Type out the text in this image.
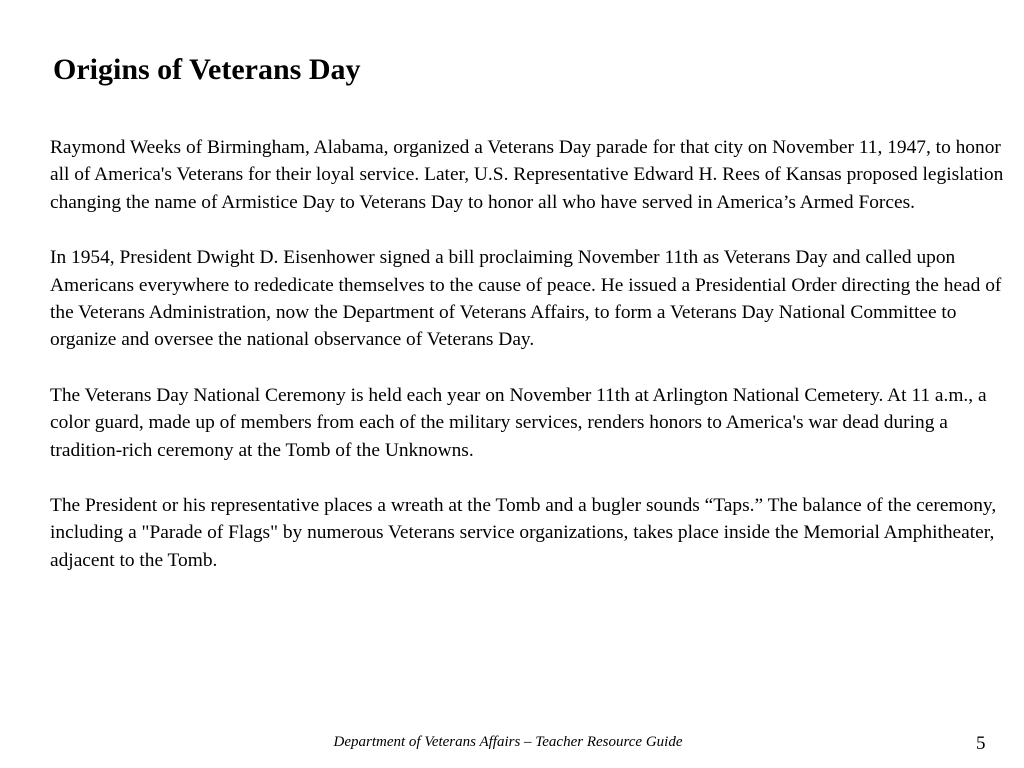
Origins of Veterans Day

Raymond Weeks of Birmingham, Alabama, organized a Veterans Day parade for that city on November 11, 1947, to honor all of America's Veterans for their loyal service. Later, U.S. Representative Edward H. Rees of Kansas proposed legislation changing the name of Armistice Day to Veterans Day to honor all who have served in America’s Armed Forces.

In 1954, President Dwight D. Eisenhower signed a bill proclaiming November 11th as Veterans Day and called upon Americans everywhere to rededicate themselves to the cause of peace. He issued a Presidential Order directing the head of the Veterans Administration, now the Department of Veterans Affairs, to form a Veterans Day National Committee to organize and oversee the national observance of Veterans Day.

The Veterans Day National Ceremony is held each year on November 11th at Arlington National Cemetery. At 11 a.m., a color guard, made up of members from each of the military services, renders honors to America's war dead during a tradition-rich ceremony at the Tomb of the Unknowns.

The President or his representative places a wreath at the Tomb and a bugler sounds “Taps.” The balance of the ceremony, including a "Parade of Flags" by numerous Veterans service organizations, takes place inside the Memorial Amphitheater, adjacent to the Tomb.

Department of Veterans Affairs – Teacher Resource Guide	5
